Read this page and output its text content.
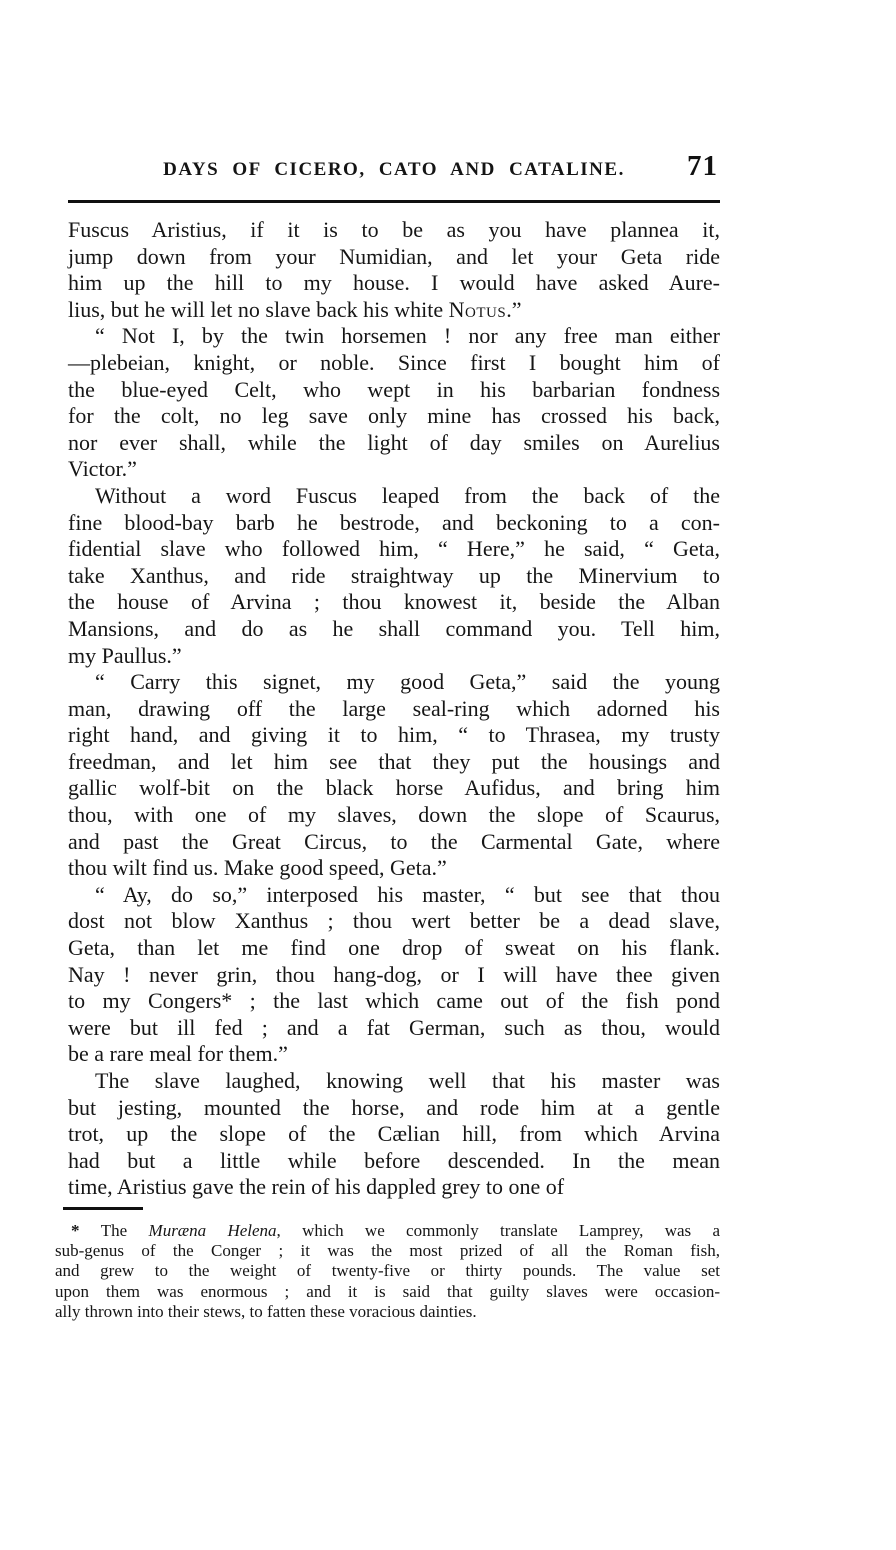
DAYS OF CICERO, CATO AND CATALINE.	71
Fuscus Aristius, if it is to be as you have plannea it,
jump down from your Numidian, and let your Geta ride
him up the hill to my house. I would have asked Aure-
lius, but he will let no slave back his white Notus.”
“ Not I, by the twin horsemen ! nor any free man either
—plebeian, knight, or noble. Since first I bought him of
the blue-eyed Celt, who wept in his barbarian fondness
for the colt, no leg save only mine has crossed his back,
nor ever shall, while the light of day smiles on Aurelius
Victor.”
Without a word Fuscus leaped from the back of the
fine blood-bay barb he bestrode, and beckoning to a con-
fidential slave who followed him, “ Here,” he said, “ Geta,
take Xanthus, and ride straightway up the Minervium to
the house of Arvina ; thou knowest it, beside the Alban
Mansions, and do as he shall command you. Tell him,
my Paullus.”
“ Carry this signet, my good Geta,” said the young
man, drawing off the large seal-ring which adorned his
right hand, and giving it to him, “ to Thrasea, my trusty
freedman, and let him see that they put the housings and
gallic wolf-bit on the black horse Aufidus, and bring him
thou, with one of my slaves, down the slope of Scaurus,
and past the Great Circus, to the Carmental Gate, where
thou wilt find us. Make good speed, Geta.”
“ Ay, do so,” interposed his master, “ but see that thou
dost not blow Xanthus ; thou wert better be a dead slave,
Geta, than let me find one drop of sweat on his flank.
Nay ! never grin, thou hang-dog, or I will have thee given
to my Congers* ; the last which came out of the fish pond
were but ill fed ; and a fat German, such as thou, would
be a rare meal for them.”
The slave laughed, knowing well that his master was
but jesting, mounted the horse, and rode him at a gentle
trot, up the slope of the Cælian hill, from which Arvina
had but a little while before descended. In the mean
time, Aristius gave the rein of his dappled grey to one of
* The Muræna Helena, which we commonly translate Lamprey, was a
sub-genus of the Conger ; it was the most prized of all the Roman fish,
and grew to the weight of twenty-five or thirty pounds. The value set
upon them was enormous ; and it is said that guilty slaves were occasion-
ally thrown into their stews, to fatten these voracious dainties.
